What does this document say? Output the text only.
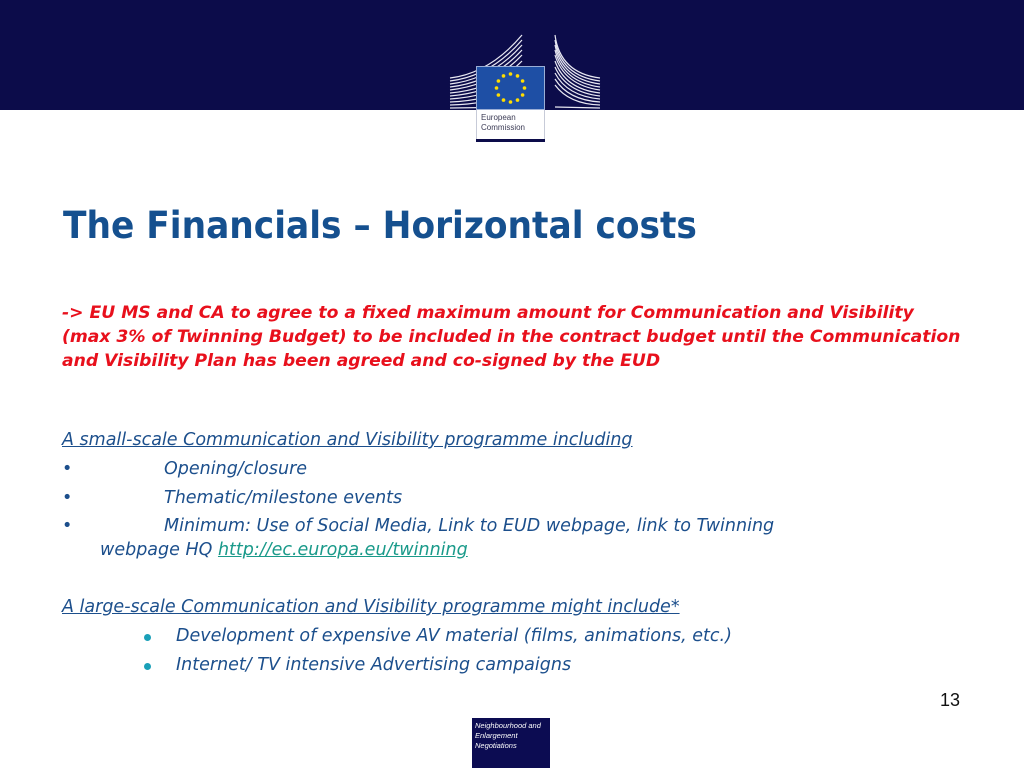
European
Commission
The Financials – Horizontal costs
-> EU MS and CA to agree to a fixed maximum amount for Communication and Visibility (max 3% of Twinning Budget) to be included in the contract budget until the Communication and Visibility Plan has been agreed and co-signed by the EUD
A small-scale Communication and Visibility programme including
•	Opening/closure
•	Thematic/milestone events
•	Minimum: Use of Social Media, Link to EUD webpage, link to Twinning
webpage HQ http://ec.europa.eu/twinning
A large-scale Communication and Visibility programme might include*
Development of expensive AV material (films, animations, etc.)
Internet/ TV intensive Advertising campaigns
13
Neighbourhood and
Enlargement
Negotiations
